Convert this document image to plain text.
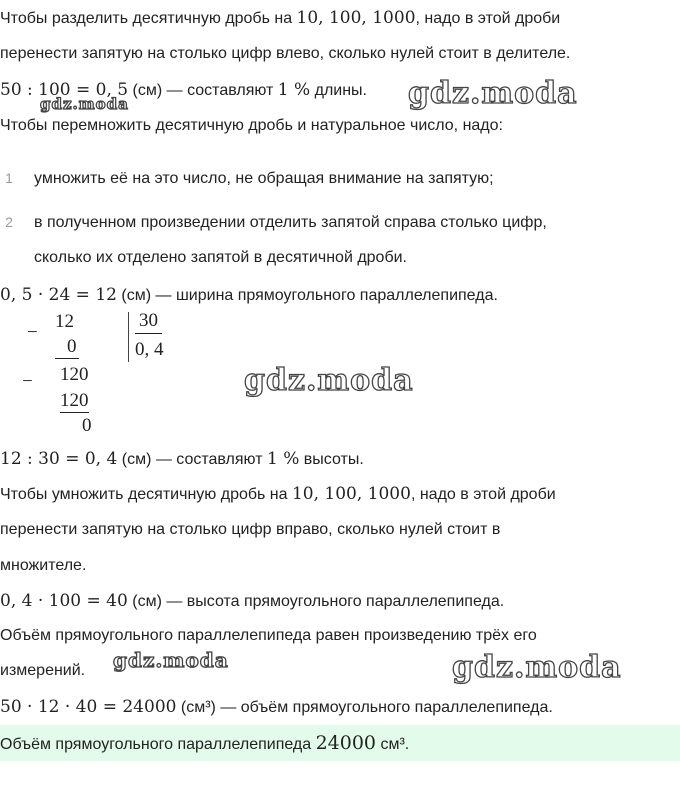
Чтобы разделить десятичную дробь на 10, 100, 1000, надо в этой дроби
перенести запятую на столько цифр влево, сколько нулей стоит в делителе.
50 : 100 = 0, 5 (см) — составляют 1 % длины.
Чтобы перемножить десятичную дробь и натуральное число, надо:
1 умножить её на это число, не обращая внимание на запятую;
2 в полученном произведении отделить запятой справа столько цифр,
сколько их отделено запятой в десятичной дроби.
0, 5 · 24 = 12 (см) — ширина прямоугольного параллелепипеда.
−
12
0
− 120
120
0
30
0, 4
12 : 30 = 0, 4 (см) — составляют 1 % высоты.
Чтобы умножить десятичную дробь на 10, 100, 1000, надо в этой дроби
перенести запятую на столько цифр вправо, сколько нулей стоит в
множителе.
0, 4 · 100 = 40 (см) — высота прямоугольного параллелепипеда.
Объём прямоугольного параллелепипеда равен произведению трёх его
измерений.
50 · 12 · 40 = 24000 (см³) — объём прямоугольного параллелепипеда.
Объём прямоугольного параллелепипеда 24000 см³.
gdz.moda	gdz.moda
gdz.moda
gdz.moda	gdz.moda
